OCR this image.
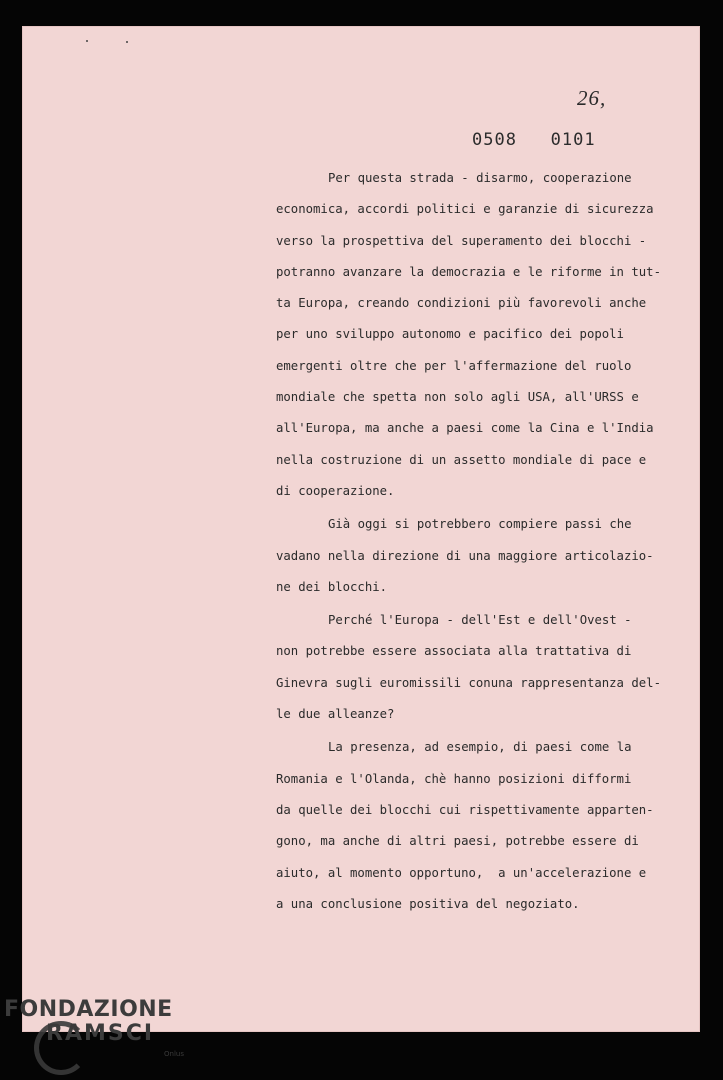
26,
0508   0101
Per questa strada - disarmo, cooperazione
economica, accordi politici e garanzie di sicurezza
verso la prospettiva del superamento dei blocchi -
potranno avanzare la democrazia e le riforme in tut-
ta Europa, creando condizioni più favorevoli anche
per uno sviluppo autonomo e pacifico dei popoli
emergenti oltre che per l'affermazione del ruolo
mondiale che spetta non solo agli USA, all'URSS e
all'Europa, ma anche a paesi come la Cina e l'India
nella costruzione di un assetto mondiale di pace e
di cooperazione.
Già oggi si potrebbero compiere passi che
vadano nella direzione di una maggiore articolazio-
ne dei blocchi.
Perché l'Europa - dell'Est e dell'Ovest -
non potrebbe essere associata alla trattativa di
Ginevra sugli euromissili conuna rappresentanza del-
le due alleanze?
La presenza, ad esempio, di paesi come la
Romania e l'Olanda, chè hanno posizioni difformi
da quelle dei blocchi cui rispettivamente apparten-
gono, ma anche di altri paesi, potrebbe essere di
aiuto, al momento opportuno,  a un'accelerazione e
a una conclusione positiva del negoziato.
FONDAZIONE
RAMSCI
Onlus
